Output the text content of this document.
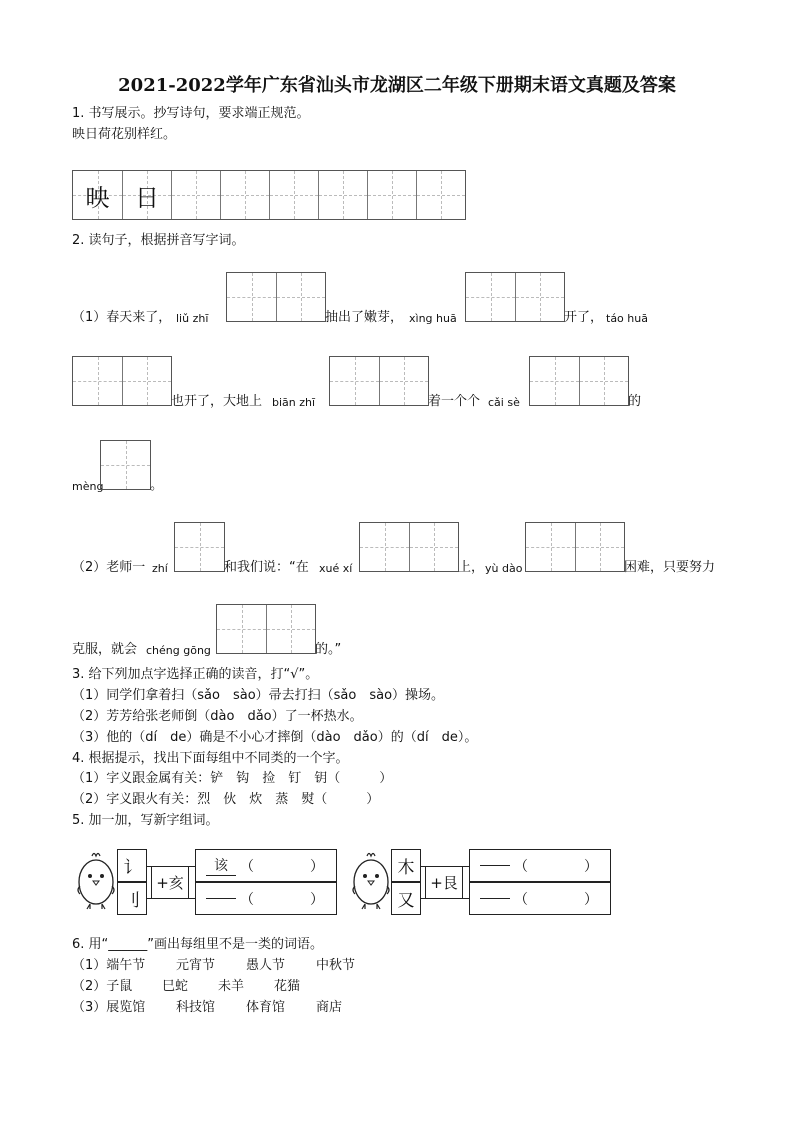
2021-2022学年广东省汕头市龙湖区二年级下册期末语文真题及答案
1. 书写展示。抄写诗句，要求端正规范。
映日荷花别样红。
映	日
2. 读句子，根据拼音写字词。
（1）春天来了， liǔ zhī	抽出了嫩芽， xìng huā	开了， táo huā
也开了，大地上 biān zhī	着一个个 cǎi sè	的
mèng	。
（2）老师一 zhí	和我们说：“在 xué xí	上， yù dào	困难，只要努力
克服，就会 chéng gōng	的。”
3. 给下列加点字选择正确的读音，打“√”。
（1）同学们拿着扫（sǎo　sào）帚去打扫（sǎo　sào）操场。
（2）芳芳给张老师倒（dào　dǎo）了一杯热水。
（3）他的（dí　de）确是不小心才摔倒（dào　dǎo）的（dí　de）。
4. 根据提示，找出下面每组中不同类的一个字。
（1）字义跟金属有关：铲　钩　捡　钉　钥（　　　）
（2）字义跟火有关：烈　伙　炊　蒸　熨（　　　）
5. 加一加，写新字组词。
讠
刂
+亥
该 （　　　　）
（　　　　）
木
又
+艮
（　　　　）
（　　　　）
6. 用“______”画出每组里不是一类的词语。
（1）端午节 元宵节 愚人节 中秋节
（2）子鼠 巳蛇 未羊 花猫
（3）展览馆 科技馆 体育馆 商店
